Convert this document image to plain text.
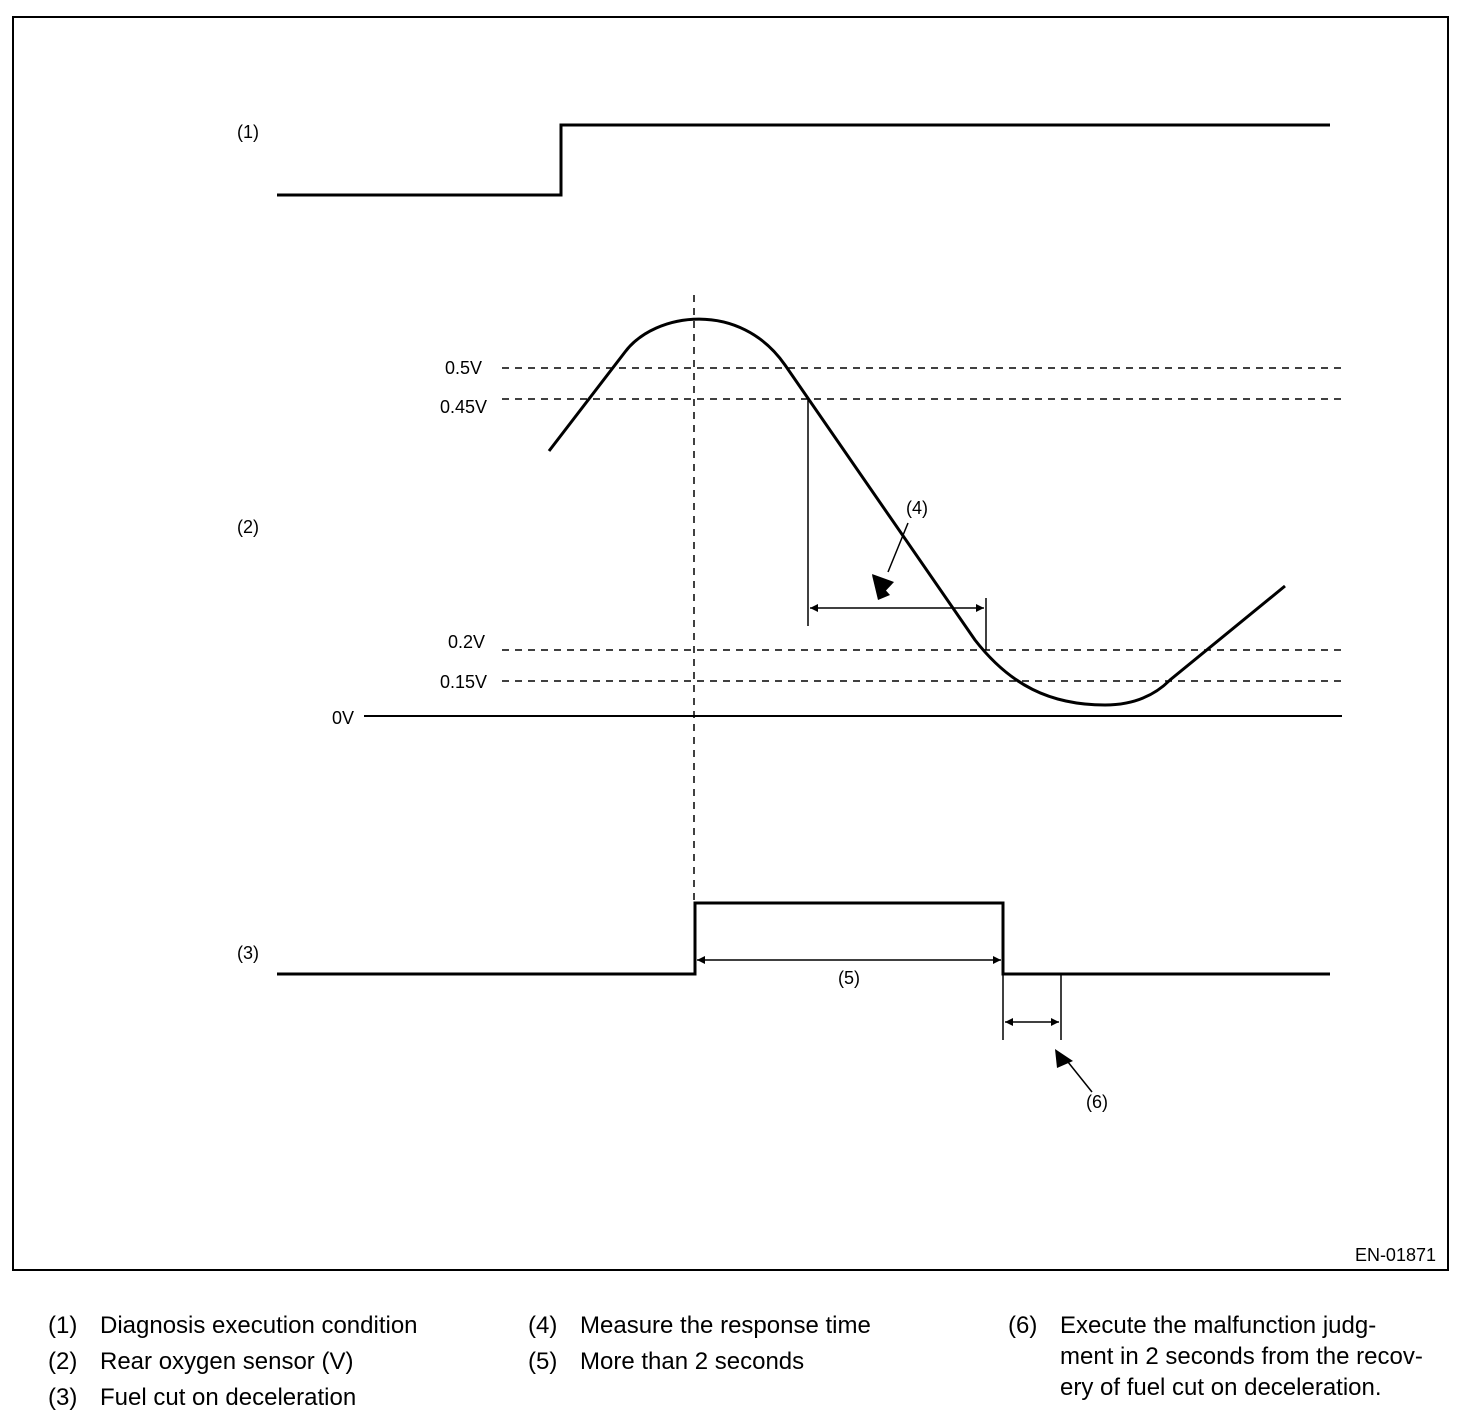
(1)
0.5V
0.45V
0.2V
0.15V
0V
(2)
(4)
(3)
(5)
(6)
EN-01871
(1) Diagnosis execution condition
(2) Rear oxygen sensor (V)
(3) Fuel cut on deceleration
(4) Measure the response time
(5) More than 2 seconds
(6) Execute the malfunction judg-
ment in 2 seconds from the recov-
ery of fuel cut on deceleration.
